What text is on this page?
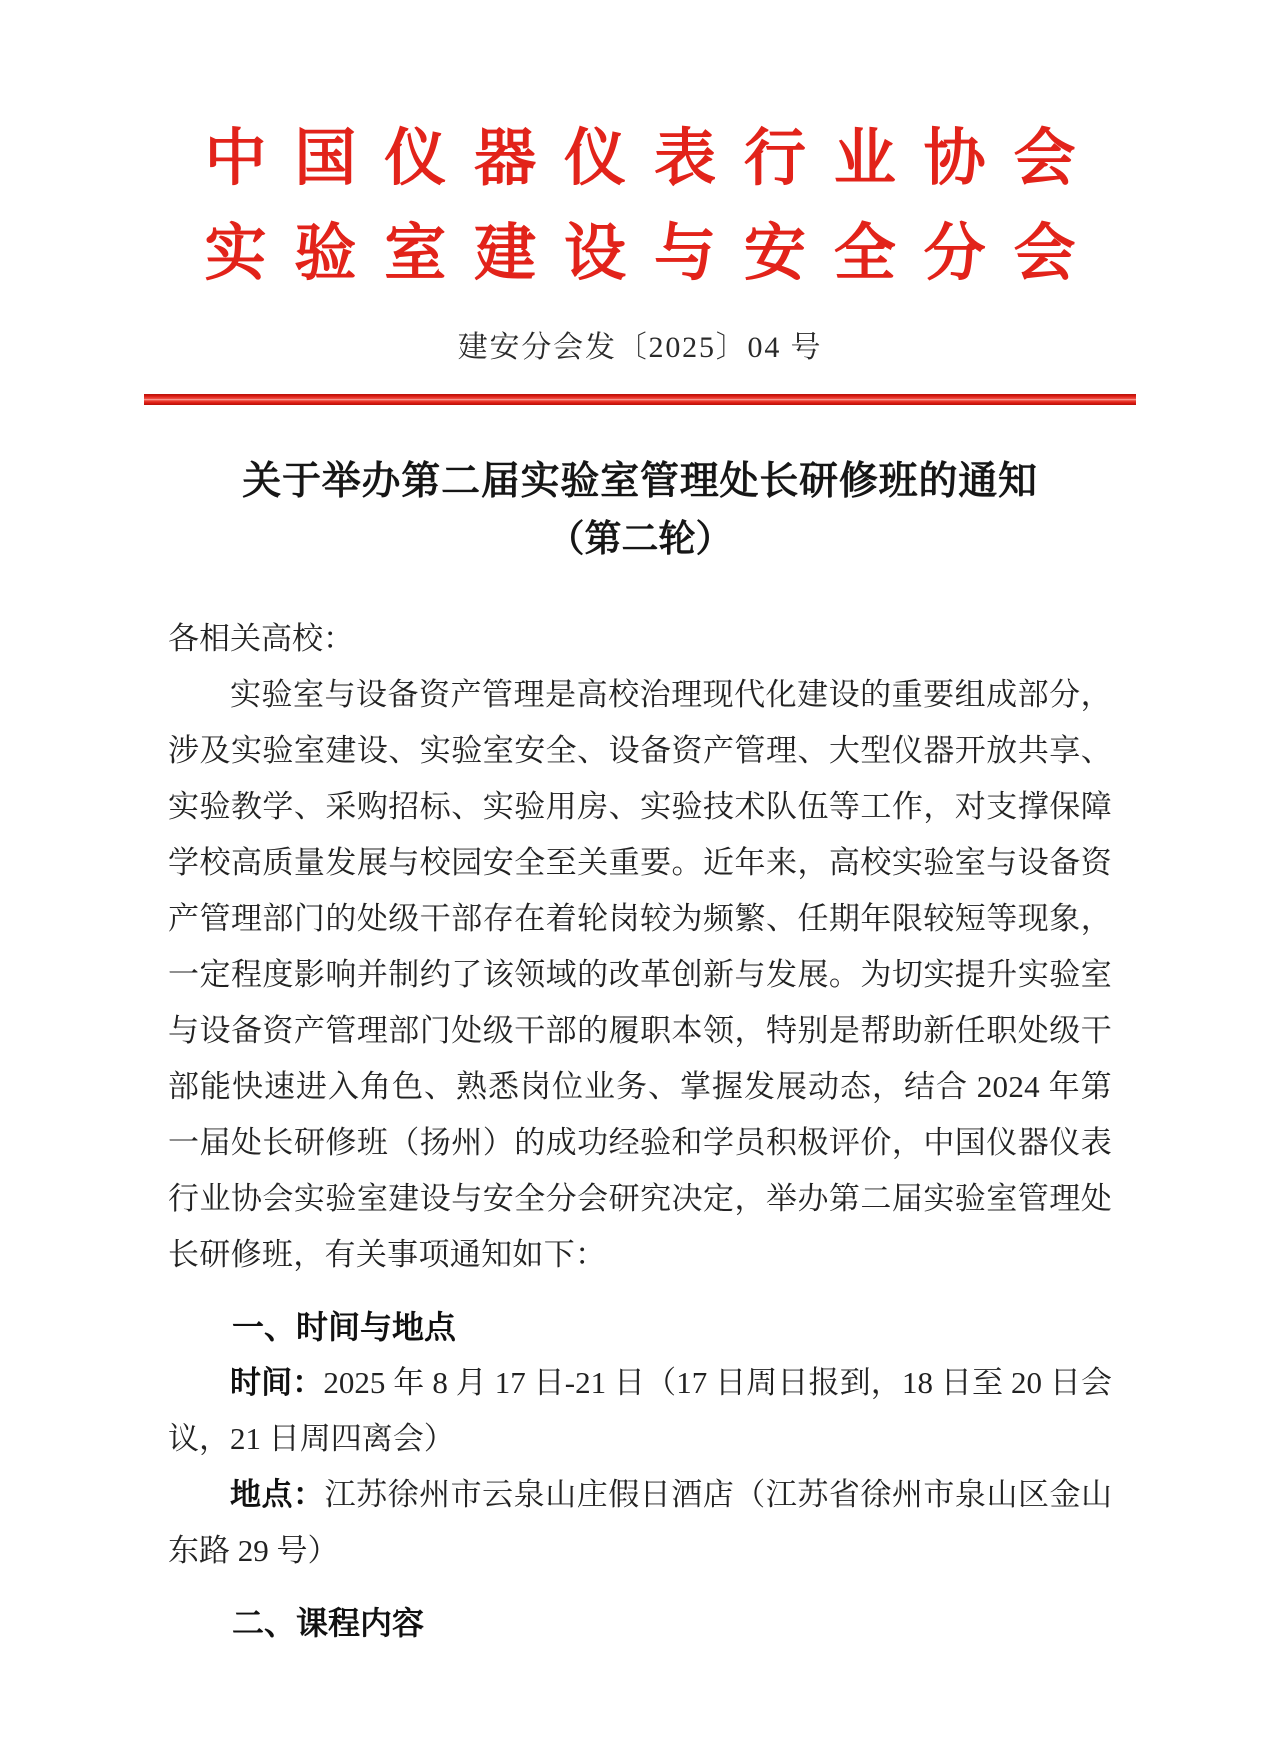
中国仪器仪表行业协会
实验室建设与安全分会
建安分会发〔2025〕04 号
关于举办第二届实验室管理处长研修班的通知
（第二轮）
各相关高校：

实验室与设备资产管理是高校治理现代化建设的重要组成部分，涉及实验室建设、实验室安全、设备资产管理、大型仪器开放共享、实验教学、采购招标、实验用房、实验技术队伍等工作，对支撑保障学校高质量发展与校园安全至关重要。近年来，高校实验室与设备资产管理部门的处级干部存在着轮岗较为频繁、任期年限较短等现象，一定程度影响并制约了该领域的改革创新与发展。为切实提升实验室与设备资产管理部门处级干部的履职本领，特别是帮助新任职处级干部能快速进入角色、熟悉岗位业务、掌握发展动态，结合 2024 年第一届处长研修班（扬州）的成功经验和学员积极评价，中国仪器仪表行业协会实验室建设与安全分会研究决定，举办第二届实验室管理处长研修班，有关事项通知如下：

一、时间与地点

时间：2025 年 8 月 17 日-21 日（17 日周日报到，18 日至 20 日会议，21 日周四离会）

地点：江苏徐州市云泉山庄假日酒店（江苏省徐州市泉山区金山东路 29 号）

二、课程内容
